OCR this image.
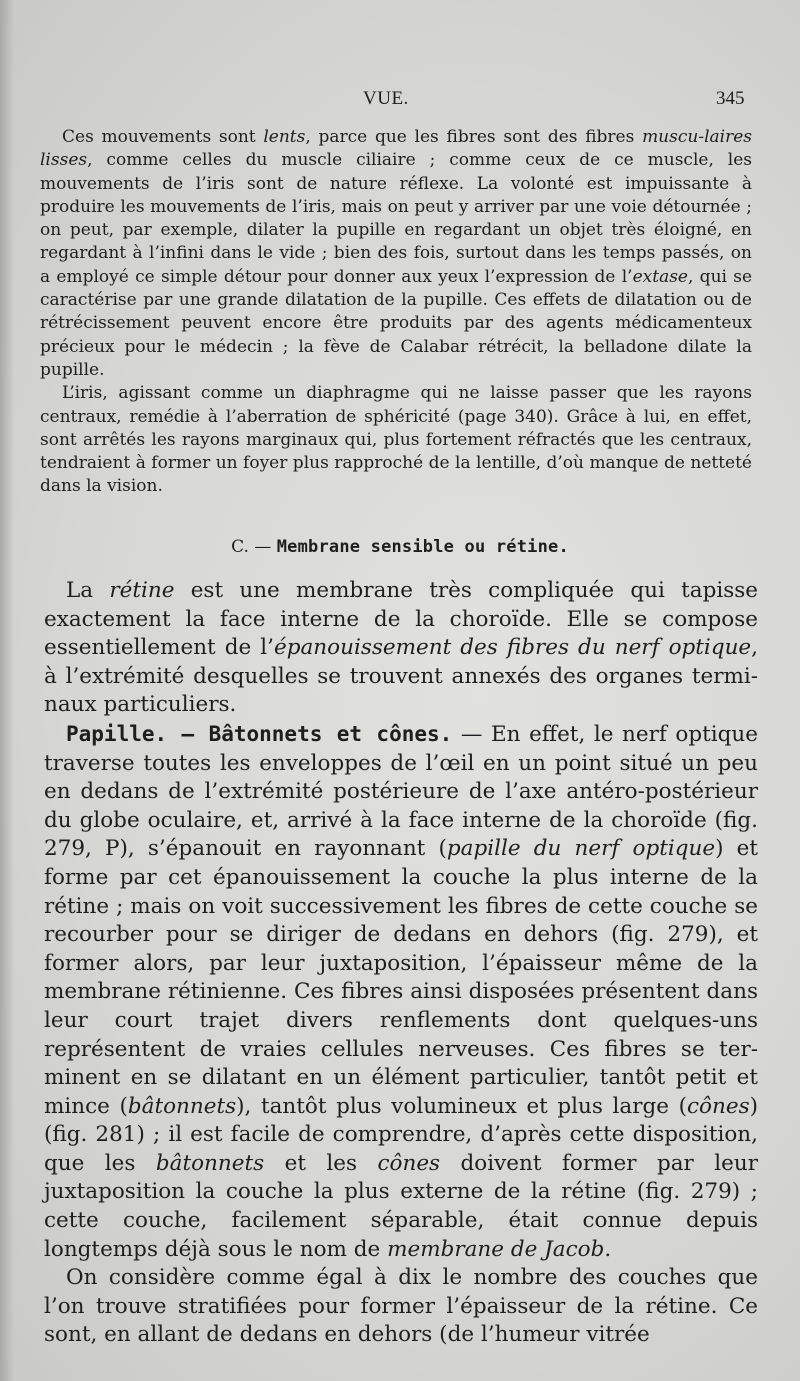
VUE.	345

Ces mouvements sont lents, parce que les fibres sont des fibres muscu-laires lisses, comme celles du muscle ciliaire ; comme ceux de ce muscle, les mouvements de l’iris sont de nature réflexe. La volonté est impuissante à produire les mouvements de l’iris, mais on peut y arriver par une voie détournée ; on peut, par exemple, dilater la pupille en regardant un objet très éloigné, en regardant à l’infini dans le vide ; bien des fois, surtout dans les temps passés, on a employé ce simple détour pour donner aux yeux l’expression de l’extase, qui se caractérise par une grande dilatation de la pupille. Ces effets de dilatation ou de rétrécissement peuvent encore être produits par des agents médicamenteux précieux pour le médecin ; la fève de Calabar rétrécit, la belladone dilate la pupille.

L’iris, agissant comme un diaphragme qui ne laisse passer que les rayons centraux, remédie à l’aberration de sphéricité (page 340). Grâce à lui, en effet, sont arrêtés les rayons marginaux qui, plus fortement réfractés que les centraux, tendraient à former un foyer plus rapproché de la lentille, d’où manque de netteté dans la vision.

C. — Membrane sensible ou rétine.

La rétine est une membrane très compliquée qui tapisse exactement la face interne de la choroïde. Elle se compose essentiellement de l’épanouissement des fibres du nerf optique, à l’extrémité desquelles se trouvent annexés des organes termi-naux particuliers.

Papille. — Bâtonnets et cônes. — En effet, le nerf optique traverse toutes les enveloppes de l’œil en un point situé un peu en dedans de l’extrémité postérieure de l’axe antéro-postérieur du globe oculaire, et, arrivé à la face interne de la choroïde (fig. 279, P), s’épanouit en rayonnant (papille du nerf optique) et forme par cet épanouissement la couche la plus interne de la rétine ; mais on voit successivement les fibres de cette couche se recourber pour se diriger de dedans en dehors (fig. 279), et former alors, par leur juxtaposition, l’épaisseur même de la membrane rétinienne. Ces fibres ainsi disposées présentent dans leur court trajet divers renflements dont quelques-uns représentent de vraies cellules nerveuses. Ces fibres se ter-minent en se dilatant en un élément particulier, tantôt petit et mince (bâtonnets), tantôt plus volumineux et plus large (cônes) (fig. 281) ; il est facile de comprendre, d’après cette disposition, que les bâtonnets et les cônes doivent former par leur juxtaposition la couche la plus externe de la rétine (fig. 279) ; cette couche, facilement séparable, était connue depuis longtemps déjà sous le nom de membrane de Jacob.

On considère comme égal à dix le nombre des couches que l’on trouve stratifiées pour former l’épaisseur de la rétine. Ce sont, en allant de dedans en dehors (de l’humeur vitrée
